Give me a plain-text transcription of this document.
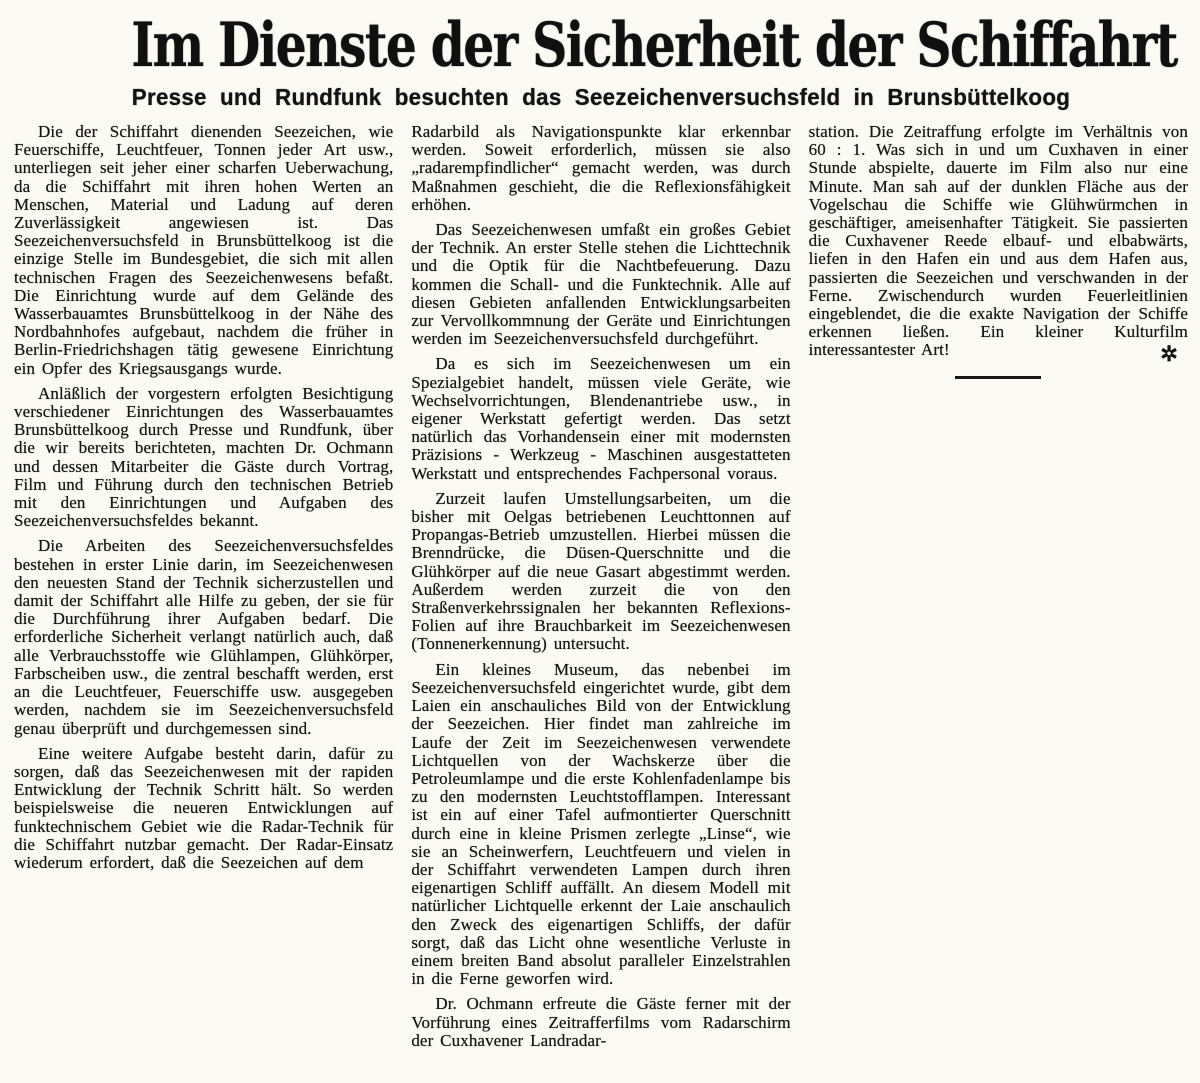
Im Dienste der Sicherheit der Schiffahrt
Presse und Rundfunk besuchten das Seezeichenversuchsfeld in Brunsbüttelkoog

Die der Schiffahrt dienenden Seezeichen, wie Feuerschiffe, Leuchtfeuer, Tonnen jeder Art usw., unterliegen seit jeher einer scharfen Ueberwachung, da die Schiffahrt mit ihren hohen Werten an Menschen, Material und Ladung auf deren Zuverlässigkeit angewiesen ist. Das Seezeichenversuchsfeld in Brunsbüttelkoog ist die einzige Stelle im Bundesgebiet, die sich mit allen technischen Fragen des Seezeichenwesens befaßt. Die Einrichtung wurde auf dem Gelände des Wasserbauamtes Brunsbüttelkoog in der Nähe des Nordbahnhofes aufgebaut, nachdem die früher in Berlin-Friedrichshagen tätig gewesene Einrichtung ein Opfer des Kriegsausgangs wurde.

Anläßlich der vorgestern erfolgten Besichtigung verschiedener Einrichtungen des Wasserbauamtes Brunsbüttelkoog durch Presse und Rundfunk, über die wir bereits berichteten, machten Dr. Ochmann und dessen Mitarbeiter die Gäste durch Vortrag, Film und Führung durch den technischen Betrieb mit den Einrichtungen und Aufgaben des Seezeichenversuchsfeldes bekannt.

Die Arbeiten des Seezeichenversuchsfeldes bestehen in erster Linie darin, im Seezeichenwesen den neuesten Stand der Technik sicherzustellen und damit der Schiffahrt alle Hilfe zu geben, der sie für die Durchführung ihrer Aufgaben bedarf. Die erforderliche Sicherheit verlangt natürlich auch, daß alle Verbrauchsstoffe wie Glühlampen, Glühkörper, Farbscheiben usw., die zentral beschafft werden, erst an die Leuchtfeuer, Feuerschiffe usw. ausgegeben werden, nachdem sie im Seezeichenversuchsfeld genau überprüft und durchgemessen sind.

Eine weitere Aufgabe besteht darin, dafür zu sorgen, daß das Seezeichenwesen mit der rapiden Entwicklung der Technik Schritt hält. So werden beispielsweise die neueren Entwicklungen auf funktechnischem Gebiet wie die Radar-Technik für die Schiffahrt nutzbar gemacht. Der Radar-Einsatz wiederum erfordert, daß die Seezeichen auf dem

Radarbild als Navigationspunkte klar erkennbar werden. Soweit erforderlich, müssen sie also „radarempfindlicher“ gemacht werden, was durch Maßnahmen geschieht, die die Reflexionsfähigkeit erhöhen.

Das Seezeichenwesen umfaßt ein großes Gebiet der Technik. An erster Stelle stehen die Lichttechnik und die Optik für die Nachtbefeuerung. Dazu kommen die Schall- und die Funktechnik. Alle auf diesen Gebieten anfallenden Entwicklungsarbeiten zur Vervollkommnung der Geräte und Einrichtungen werden im Seezeichenversuchsfeld durchgeführt.

Da es sich im Seezeichenwesen um ein Spezialgebiet handelt, müssen viele Geräte, wie Wechselvorrichtungen, Blendenantriebe usw., in eigener Werkstatt gefertigt werden. Das setzt natürlich das Vorhandensein einer mit modernsten Präzisions - Werkzeug - Maschinen ausgestatteten Werkstatt und entsprechendes Fachpersonal voraus.

Zurzeit laufen Umstellungsarbeiten, um die bisher mit Oelgas betriebenen Leuchttonnen auf Propangas-Betrieb umzustellen. Hierbei müssen die Brenndrücke, die Düsen-Querschnitte und die Glühkörper auf die neue Gasart abgestimmt werden. Außerdem werden zurzeit die von den Straßenverkehrssignalen her bekannten Reflexions-Folien auf ihre Brauchbarkeit im Seezeichenwesen (Tonnenerkennung) untersucht.

Ein kleines Museum, das nebenbei im Seezeichenversuchsfeld eingerichtet wurde, gibt dem Laien ein anschauliches Bild von der Entwicklung der Seezeichen. Hier findet man zahlreiche im Laufe der Zeit im Seezeichenwesen verwendete Lichtquellen von der Wachskerze über die Petroleumlampe und die erste Kohlenfadenlampe bis zu den modernsten Leuchtstofflampen. Interessant ist ein auf einer Tafel aufmontierter Querschnitt durch eine in kleine Prismen zerlegte „Linse“, wie sie an Scheinwerfern, Leuchtfeuern und vielen in der Schiffahrt verwendeten Lampen durch ihren eigenartigen Schliff auffällt. An diesem Modell mit natürlicher Lichtquelle erkennt der Laie anschaulich den Zweck des eigenartigen Schliffs, der dafür sorgt, daß das Licht ohne wesentliche Verluste in einem breiten Band absolut paralleler Einzelstrahlen in die Ferne geworfen wird.

Dr. Ochmann erfreute die Gäste ferner mit der Vorführung eines Zeitrafferfilms vom Radarschirm der Cuxhavener Landradar-

station. Die Zeitraffung erfolgte im Verhältnis von 60 : 1. Was sich in und um Cuxhaven in einer Stunde abspielte, dauerte im Film also nur eine Minute. Man sah auf der dunklen Fläche aus der Vogelschau die Schiffe wie Glühwürmchen in geschäftiger, ameisenhafter Tätigkeit. Sie passierten die Cuxhavener Reede elbauf- und elbabwärts, liefen in den Hafen ein und aus dem Hafen aus, passierten die Seezeichen und verschwanden in der Ferne. Zwischendurch wurden Feuerleitlinien eingeblendet, die die exakte Navigation der Schiffe erkennen ließen. Ein kleiner Kulturfilm interessantester Art!	✲
